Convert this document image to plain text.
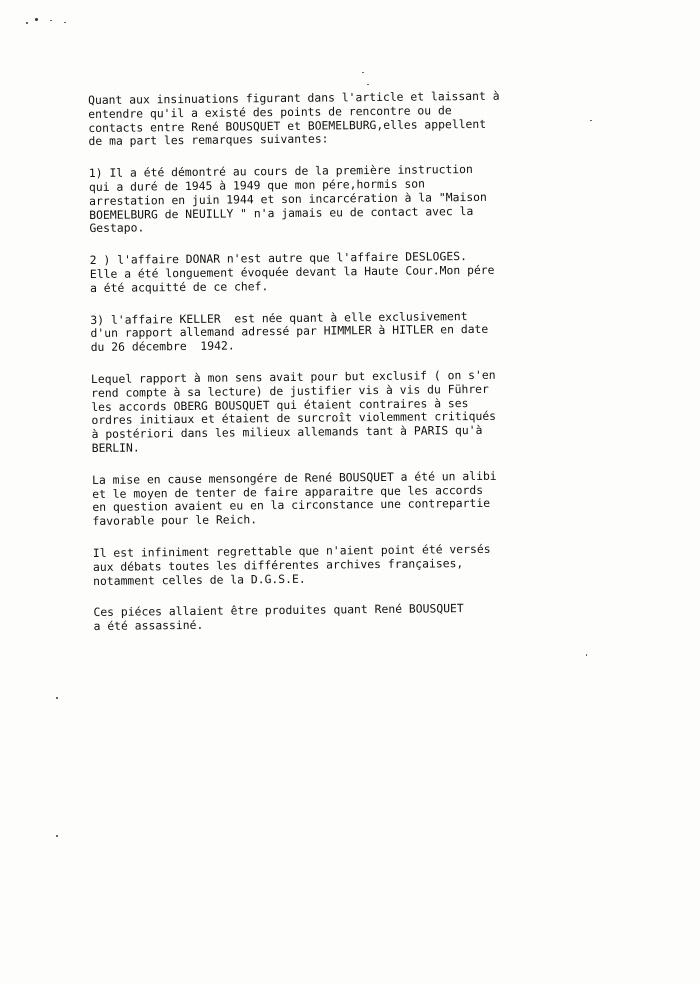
Quant aux insinuations figurant dans l'article et laissant à
entendre qu'il a existé des points de rencontre ou de
contacts entre René BOUSQUET et BOEMELBURG,elles appellent
de ma part les remarques suivantes:
1) Il a été démontré au cours de la première instruction
qui a duré de 1945 à 1949 que mon pére,hormis son
arrestation en juin 1944 et son incarcération à la "Maison
BOEMELBURG de NEUILLY " n'a jamais eu de contact avec la
Gestapo.
2 ) l'affaire DONAR n'est autre que l'affaire DESLOGES.
Elle a été longuement évoquée devant la Haute Cour.Mon pére
a été acquitté de ce chef.
3) l'affaire KELLER  est née quant à elle exclusivement
d'un rapport allemand adressé par HIMMLER à HITLER en date
du 26 décembre  1942.
Lequel rapport à mon sens avait pour but exclusif ( on s'en
rend compte à sa lecture) de justifier vis à vis du Führer
les accords OBERG BOUSQUET qui étaient contraires à ses
ordres initiaux et étaient de surcroît violemment critiqués
à postériori dans les milieux allemands tant à PARIS qu'à
BERLIN.
La mise en cause mensongére de René BOUSQUET a été un alibi
et le moyen de tenter de faire apparaitre que les accords
en question avaient eu en la circonstance une contrepartie
favorable pour le Reich.
Il est infiniment regrettable que n'aient point été versés
aux débats toutes les différentes archives françaises,
notamment celles de la D.G.S.E.
Ces piéces allaient être produites quant René BOUSQUET
a été assassiné.
